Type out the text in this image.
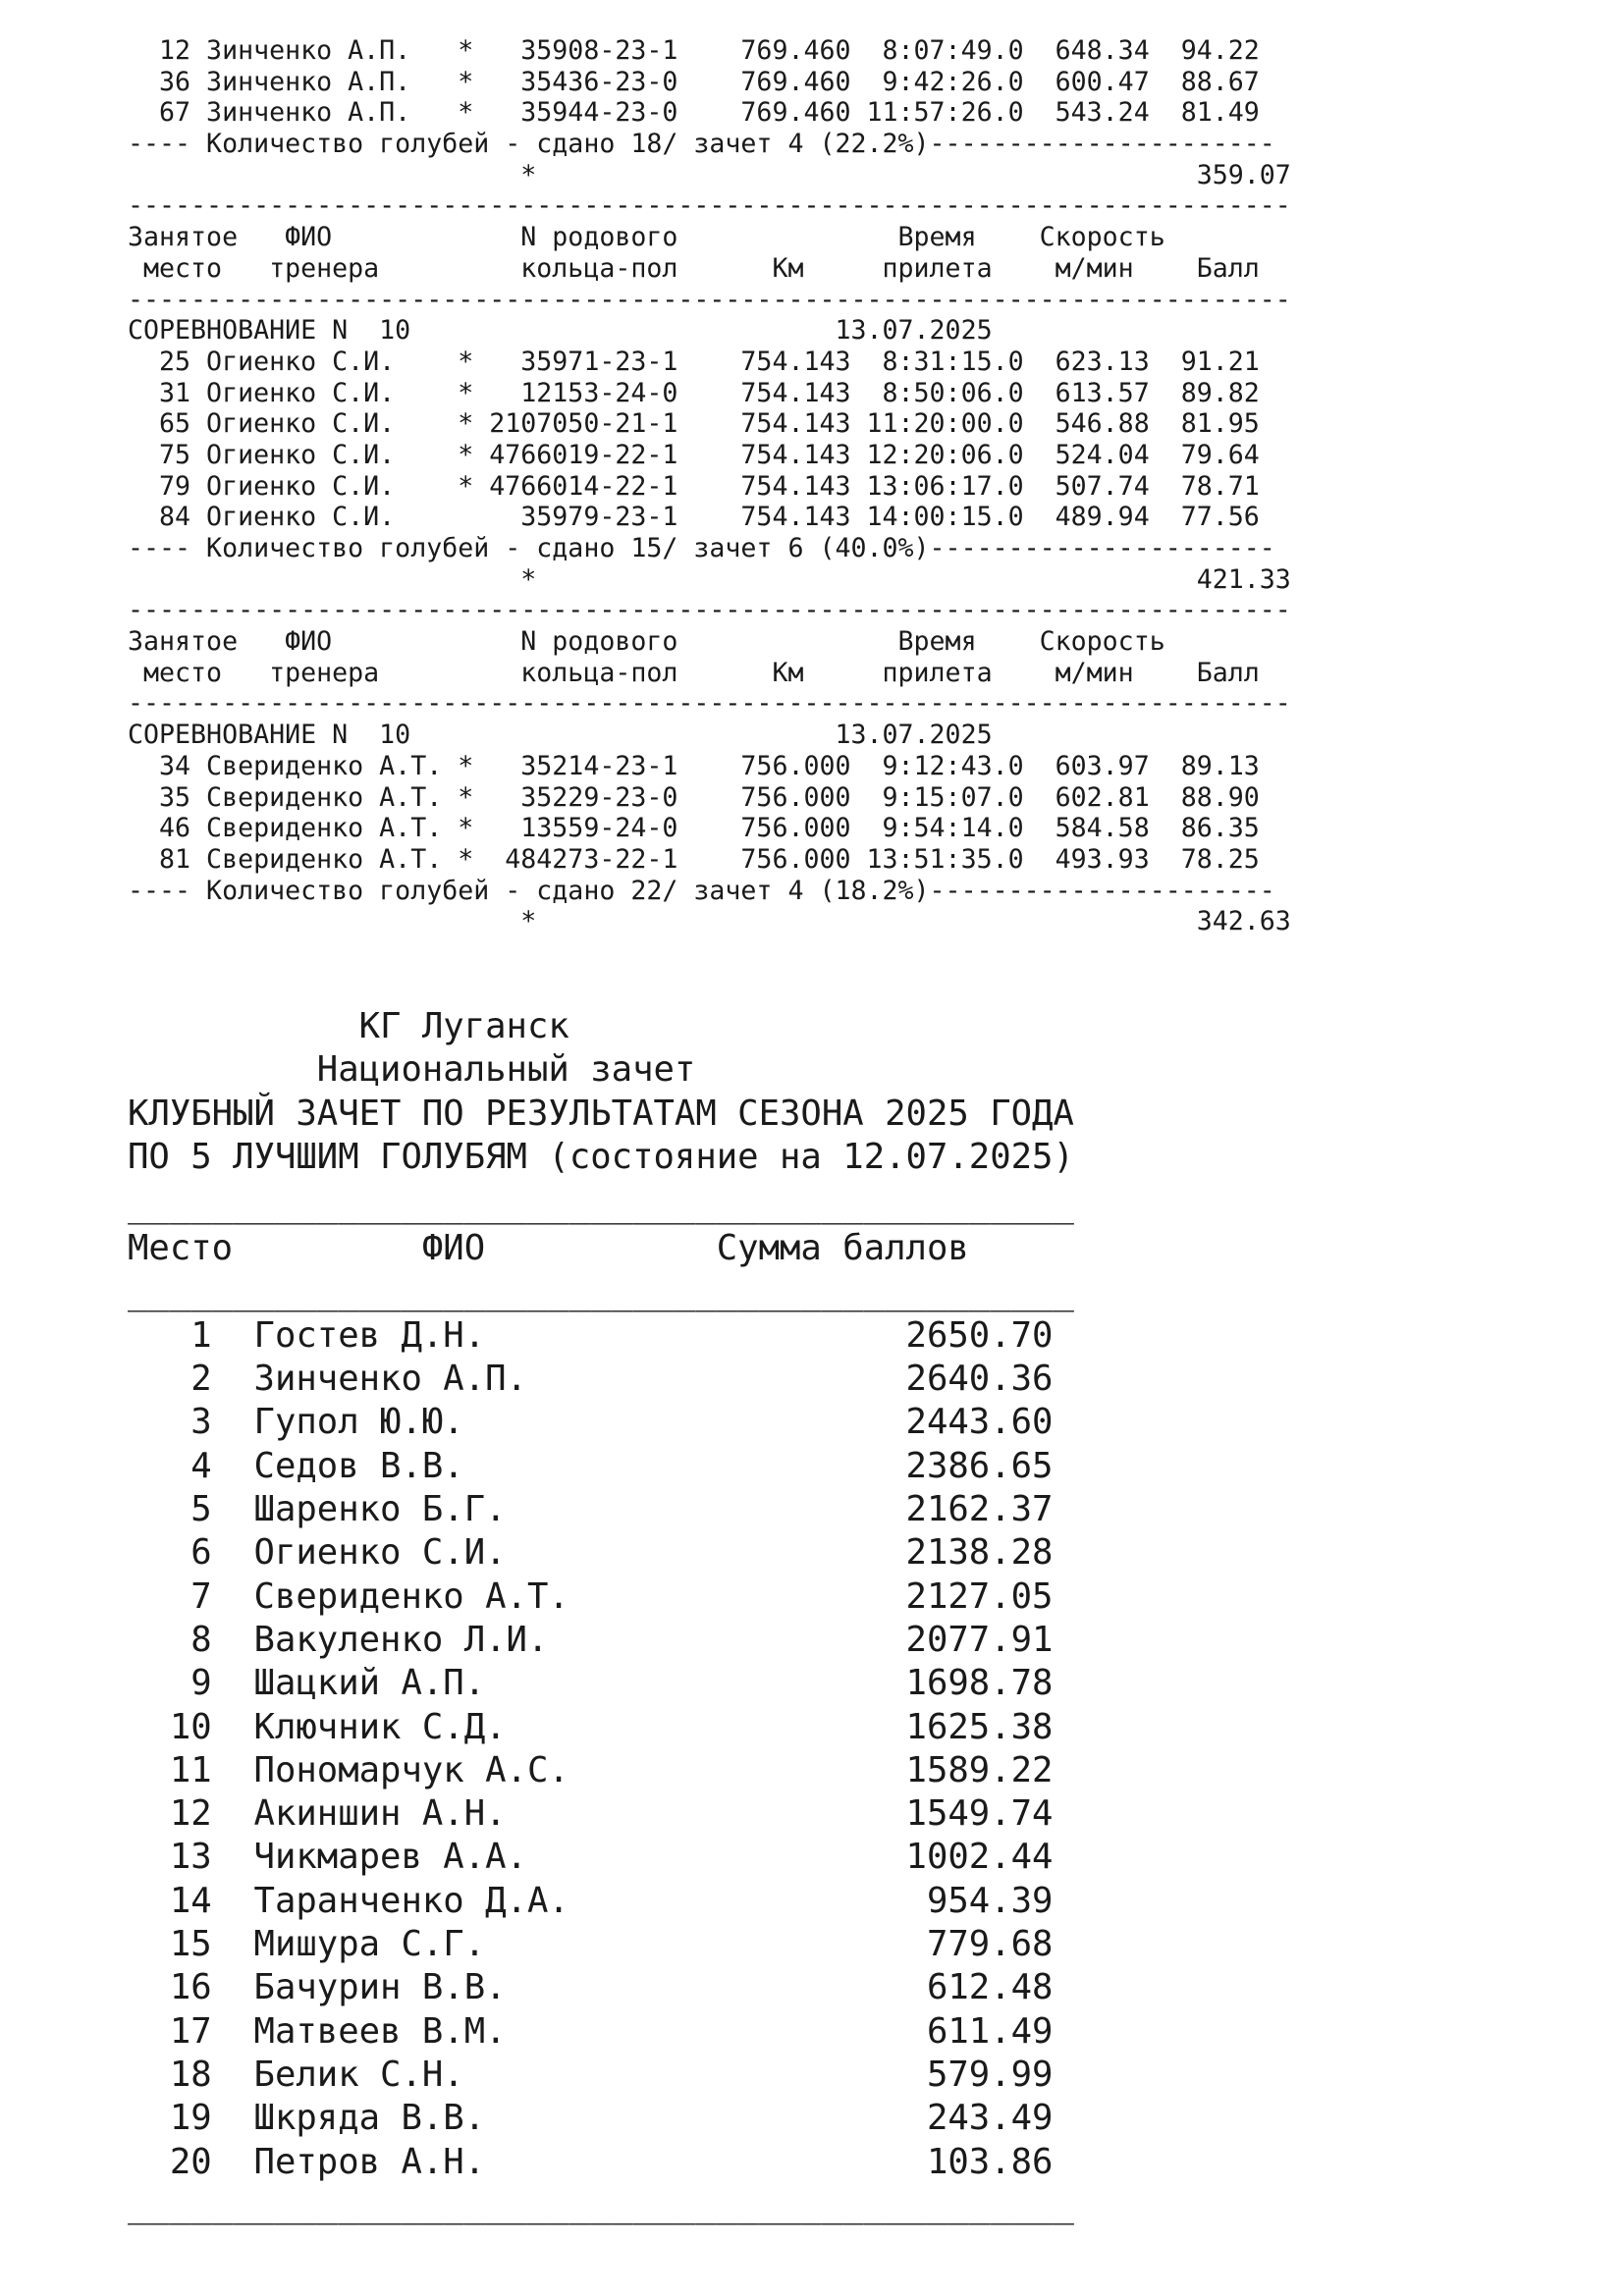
12 Зинченко А.П.   *   35908-23-1    769.460  8:07:49.0  648.34  94.22
36 Зинченко А.П.   *   35436-23-0    769.460  9:42:26.0  600.47  88.67
67 Зинченко А.П.   *   35944-23-0    769.460 11:57:26.0  543.24  81.49
---- Количество голубей - сдано 18/ зачет 4 (22.2%)----------------------
*                                          359.07
--------------------------------------------------------------------------
Занятое   ФИО            N родового              Время    Скорость
место   тренера         кольца-пол      Км     прилета    м/мин    Балл
--------------------------------------------------------------------------
СОРЕВНОВАНИЕ N  10                           13.07.2025
25 Огиенко С.И.    *   35971-23-1    754.143  8:31:15.0  623.13  91.21
31 Огиенко С.И.    *   12153-24-0    754.143  8:50:06.0  613.57  89.82
65 Огиенко С.И.    * 2107050-21-1    754.143 11:20:00.0  546.88  81.95
75 Огиенко С.И.    * 4766019-22-1    754.143 12:20:06.0  524.04  79.64
79 Огиенко С.И.    * 4766014-22-1    754.143 13:06:17.0  507.74  78.71
84 Огиенко С.И.        35979-23-1    754.143 14:00:15.0  489.94  77.56
---- Количество голубей - сдано 15/ зачет 6 (40.0%)----------------------
*                                          421.33
--------------------------------------------------------------------------
Занятое   ФИО            N родового              Время    Скорость
место   тренера         кольца-пол      Км     прилета    м/мин    Балл
--------------------------------------------------------------------------
СОРЕВНОВАНИЕ N  10                           13.07.2025
34 Свериденко А.Т. *   35214-23-1    756.000  9:12:43.0  603.97  89.13
35 Свериденко А.Т. *   35229-23-0    756.000  9:15:07.0  602.81  88.90
46 Свериденко А.Т. *   13559-24-0    756.000  9:54:14.0  584.58  86.35
81 Свериденко А.Т. *  484273-22-1    756.000 13:51:35.0  493.93  78.25
---- Количество голубей - сдано 22/ зачет 4 (18.2%)----------------------
*                                          342.63
КГ Луганск
Национальный зачет
КЛУБНЫЙ ЗАЧЕТ ПО РЕЗУЛЬТАТАМ СЕЗОНА 2025 ГОДА
ПО 5 ЛУЧШИМ ГОЛУБЯМ (состояние на 12.07.2025)
_____________________________________________
Место         ФИО           Сумма баллов
_____________________________________________
1  Гостев Д.Н.                    2650.70
2  Зинченко А.П.                  2640.36
3  Гупол Ю.Ю.                     2443.60
4  Седов В.В.                     2386.65
5  Шаренко Б.Г.                   2162.37
6  Огиенко С.И.                   2138.28
7  Свериденко А.Т.                2127.05
8  Вакуленко Л.И.                 2077.91
9  Шацкий А.П.                    1698.78
10  Ключник С.Д.                   1625.38
11  Пономарчук А.С.                1589.22
12  Акиншин А.Н.                   1549.74
13  Чикмарев А.А.                  1002.44
14  Таранченко Д.А.                 954.39
15  Мишура С.Г.                     779.68
16  Бачурин В.В.                    612.48
17  Матвеев В.М.                    611.49
18  Белик С.Н.                      579.99
19  Шкряда В.В.                     243.49
20  Петров А.Н.                     103.86
_____________________________________________
